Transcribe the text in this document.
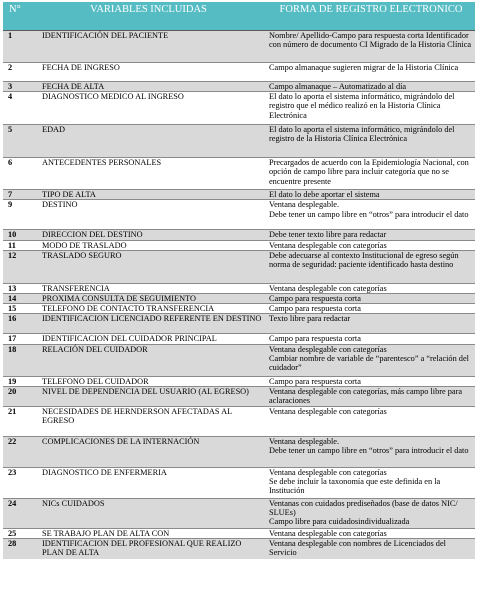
N°	VARIABLES INCLUIDAS	FORMA DE REGISTRO ELECTRONICO
1	IDENTIFICACIÓN DEL PACIENTE	Nombre/ Apellido-Campo para respuesta corta Identificador con número de documento CI Migrado de la Historia Clínica
2	FECHA DE INGRESO	Campo almanaque sugieren migrar de la Historia Clínica
3	FECHA DE ALTA	Campo almanaque – Automatizado al día
4	DIAGNOSTICO MEDICO AL INGRESO	El dato lo aporta el sistema informático, migrándolo del registro que el médico realizó en la Historia Clínica Electrónica
5	EDAD	El dato lo aporta el sistema informático, migrándolo del registro de la Historia Clínica Electrónica
6	ANTECEDENTES PERSONALES	Precargados de acuerdo con la Epidemiología Nacional, con opción de campo libre para incluir categoría que no se encuentre presente
7	TIPO DE ALTA	El dato lo debe aportar el sistema
9	DESTINO	Ventana desplegable.
Debe tener un campo libre en “otros” para introducir el dato
10	DIRECCION DEL DESTINO	Debe tener texto libre para redactar
11	MODO DE TRASLADO	Ventana desplegable con categorías
12	TRASLADO SEGURO	Debe adecuarse al contexto Institucional de egreso según norma de seguridad: paciente identificado hasta destino
13	TRANSFERENCIA	Ventana desplegable con categorías
14	PROXIMA CONSULTA DE SEGUIMIENTO	Campo para respuesta corta
15	TELEFONO DE CONTACTO TRANSFERENCIA	Campo para respuesta corta
16	IDENTIFICACION LICENCIADO REFERENTE EN DESTINO	Texto libre para redactar
17	IDENTIFICACION DEL CUIDADOR PRINCIPAL	Campo para respuesta corta
18	RELACIÓN DEL CUIDADOR	Ventana desplegable con categorías
Cambiar nombre de variable de “parentesco” a “relación del cuidador”
19	TELEFONO DEL CUIDADOR	Campo para respuesta corta
20	NIVEL DE DEPENDENCIA DEL USUARIO (AL EGRESO)	Ventana desplegable con categorías, más campo libre para aclaraciones
21	NECESIDADES DE HERNDERSON AFECTADAS AL EGRESO	Ventana desplegable con categorías
22	COMPLICACIONES DE LA INTERNACIÓN	Ventana desplegable.
Debe tener un campo libre en “otros” para introducir el dato
23	DIAGNOSTICO DE ENFERMERIA	Ventana desplegable con categorías
Se debe incluir la taxonomía que este definida en la Institución
24	NICs CUIDADOS	Ventanas con cuidados prediseñados (base de datos NIC/ SLUEs)
Campo libre para cuidadosindividualizada
25	SE TRABAJO PLAN DE ALTA CON	Ventana desplegable con categorías
28	IDENTIFICACION DEL PROFESIONAL QUE REALIZO PLAN DE ALTA	Ventana desplegable con nombres de Licenciados del Servicio
